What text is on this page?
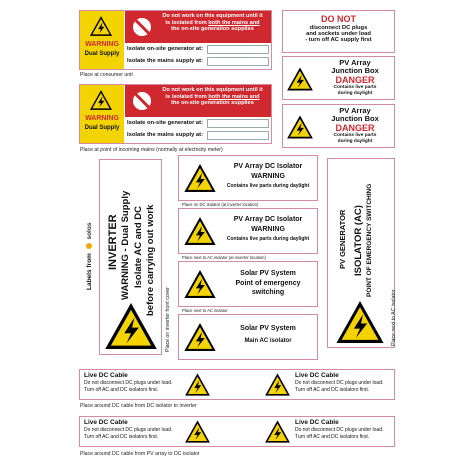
WARNING
Dual Supply
Do not work on this equipment until it
is isolated from both the mains and
the on-site generation supplies
Isolate on-site generator at:
Isolate the mains supply at:
Place at consumer unit
WARNING
Dual Supply
Do not work on this equipment until it
is isolated from both the mains and
the on-site generation supplies
Isolate on-site generator at:
Isolate the mains supply at:
Place at point of incoming mains (normally at electricity meter)
DO NOT
disconnect DC plugs
and sockets under load
- turn off AC supply first
PV Array
Junction Box
DANGER
Contains live parts
during daylight
PV Array
Junction Box
DANGER
Contains live parts
during daylight
Labels from  solos INVERTER WARNING - Dual Supply Isolate AC and DC before carrying out work
Place on inverter front cover
PV Array DC Isolator
WARNING
Contains live parts during daylight
Place on DC isolator (at inverter location)
PV Array DC Isolator
WARNING
Contains live parts during daylight
Place next to AC isolator (at inverter location)
Solar PV System
Point of emergency
switching
Place next to AC isolator
Solar PV System
Main AC isolator
PV GENERATOR ISOLATOR (AC) POINT OF EMERGENCY SWITCHING
Place next to AC isolator
Live DC Cable
Do not disconnect DC plugs under load.
Turn off AC and DC isolators first.
Live DC Cable
Do not disconnect DC plugs under load.
Turn off AC and DC isolators first.
Place around DC cable from DC isolator to inverter
Live DC Cable
Do not disconnect DC plugs under load.
Turn off AC and DC isolators first.
Live DC Cable
Do not disconnect DC plugs under load.
Turn off AC and DC isolators first.
Place around DC cable from PV array to DC isolator
